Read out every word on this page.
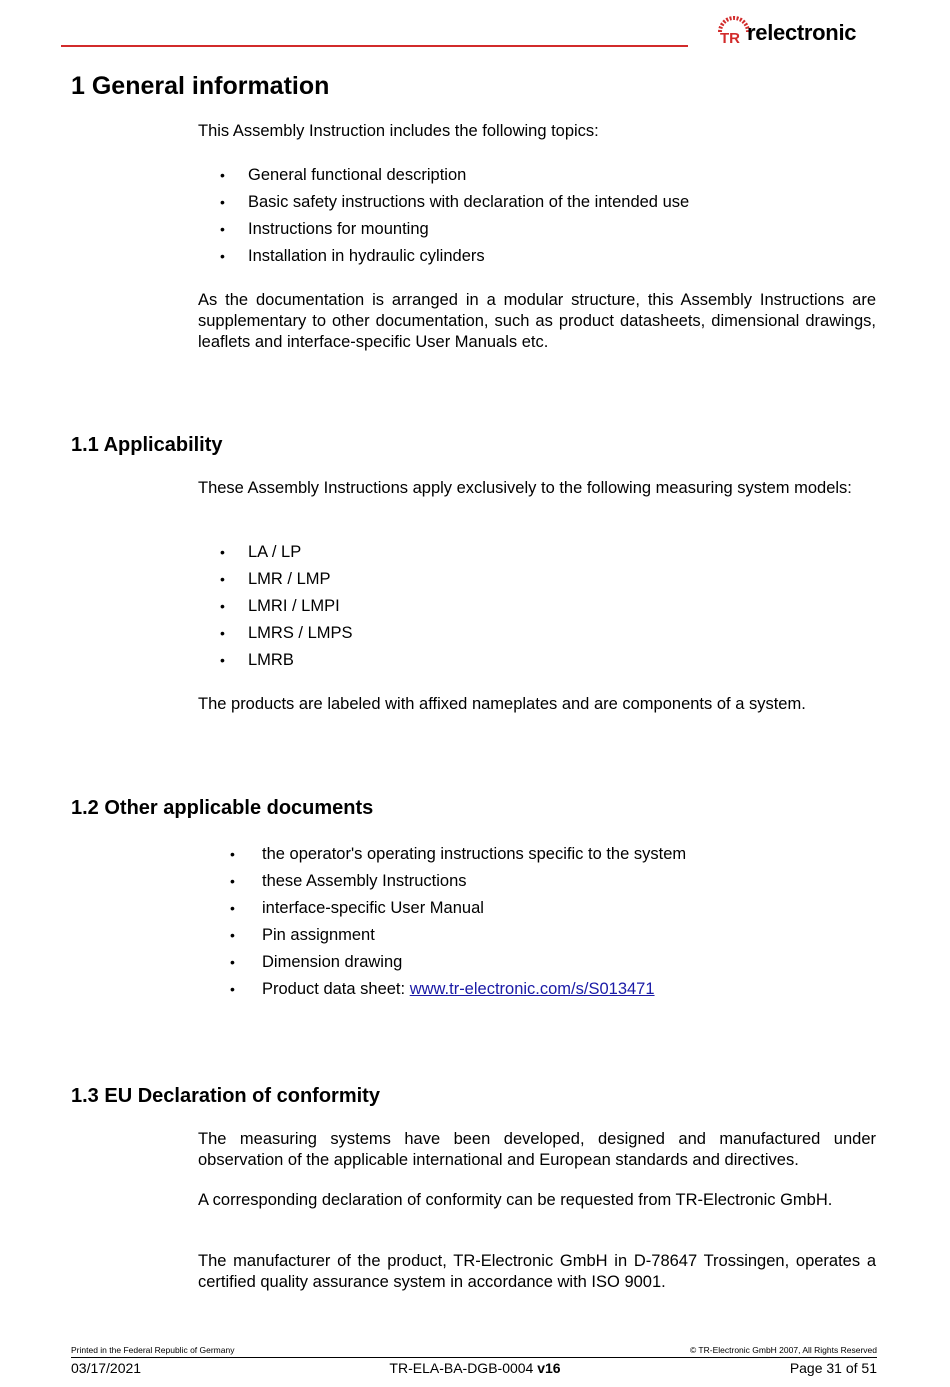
TR relectronic
1 General information
This Assembly Instruction includes the following topics:
• General functional description
• Basic safety instructions with declaration of the intended use
• Instructions for mounting
• Installation in hydraulic cylinders
As the documentation is arranged in a modular structure, this Assembly Instructions are supplementary to other documentation, such as product datasheets, dimensional drawings, leaflets and interface-specific User Manuals etc.
1.1 Applicability
These Assembly Instructions apply exclusively to the following measuring system models:
• LA / LP
• LMR / LMP
• LMRI / LMPI
• LMRS / LMPS
• LMRB
The products are labeled with affixed nameplates and are components of a system.
1.2 Other applicable documents
• the operator's operating instructions specific to the system
• these Assembly Instructions
• interface-specific User Manual
• Pin assignment
• Dimension drawing
• Product data sheet: www.tr-electronic.com/s/S013471
1.3 EU Declaration of conformity
The measuring systems have been developed, designed and manufactured under observation of the applicable international and European standards and directives.
A corresponding declaration of conformity can be requested from TR-Electronic GmbH.
The manufacturer of the product, TR-Electronic GmbH in D-78647 Trossingen, operates a certified quality assurance system in accordance with ISO 9001.
Printed in the Federal Republic of Germany	© TR-Electronic GmbH 2007, All Rights Reserved
03/17/2021	TR-ELA-BA-DGB-0004 v16	Page 31 of 51
